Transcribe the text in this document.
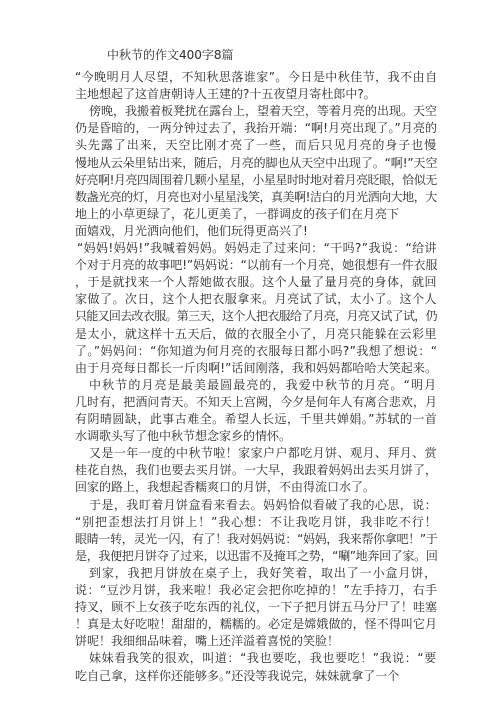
中秋节的作文400字8篇
“今晚明月人尽望，不知秋思落谁家”。今日是中秋佳节，我不由自
主地想起了这首唐朝诗人王建的?十五夜望月寄杜郎中?。
傍晚，我搬着板凳扰在露台上，望着天空，等着月亮的出现。天空
仍是昏暗的，一两分钟过去了，我抬开端：“啊!月亮出现了。”月亮的
头先露了出来，天空比刚才亮了一些，而后只见月亮的身子也慢
慢地从云朵里钻出来，随后，月亮的脚也从天空中出现了。“啊!”天空
好亮啊!月亮四周围着几颗小星星，小星星时时地对着月亮眨眼，恰似无
数盏光亮的灯，月亮也对小星星浅笑，真美啊!洁白的月光洒向大地，大
地上的小草更绿了，花儿更美了，一群调皮的孩子们在月亮下
面嬉戏，月光洒向他们，他们玩得更高兴了!
“妈妈!妈妈!”我喊着妈妈。妈妈走了过来问：“干吗?”我说：“给讲
个对于月亮的故事吧!”妈妈说：“以前有一个月亮，她很想有一件衣服
，于是就找来一个人帮她做衣服。这个人量了量月亮的身体，就回
家做了。次日，这个人把衣服拿来。月亮试了试，太小了。这个人
只能又回去改衣服。第三天，这个人把衣服给了月亮，月亮又试了试，仍
是太小，就这样十五天后，做的衣服全小了，月亮只能躲在云彩里
了。”妈妈问：“你知道为何月亮的衣服每日都小吗?”我想了想说：“
由于月亮每日都长一斤肉啊!”话间刚落，我和妈妈都哈哈大笑起来。
中秋节的月亮是最美最圆最亮的，我爱中秋节的月亮。“明月
几时有，把酒问青天。不知天上宫阙，今夕是何年人有离合悲欢，月
有阴晴圆缺，此事古难全。希望人长远，千里共婵娟。”苏轼的一首
水调歌头写了他中秋节想念家乡的情怀。
又是一年一度的中秋节啦！家家户户都吃月饼、观月、拜月、赏
桂花自热，我们也要去买月饼。一大早，我跟着妈妈出去买月饼了，
回家的路上，我想起香糯爽口的月饼，不由得流口水了。
于是，我盯着月饼盒看来看去。妈妈恰似看破了我的心思，说：
“别把歪想法打月饼上！”我心想：不让我吃月饼，我非吃不行！
眼睛一转，灵光一闪，有了！我对妈妈说：“妈妈，我来帮你拿吧！”于
是，我便把月饼夺了过来，以迅雷不及掩耳之势，“唰”地奔回了家。回
到家，我把月饼放在桌子上，我好笑着，取出了一小盒月饼，
说：“豆沙月饼，我来啦！我必定会把你吃掉的！”左手持刀，右手
持叉，顾不上女孩子吃东西的礼仪，一下子把月饼五马分尸了！哇塞
！真是太好吃啦！甜甜的，糯糯的。必定是嫦娥做的，怪不得叫它月
饼呢！我细细品味着，嘴上还洋溢着喜悦的笑脸！
妹妹看我笑的很欢，叫道：“我也要吃，我也要吃！”我说：“要
吃自己拿，这样你还能够多。”还没等我说完，妹妹就拿了一个
